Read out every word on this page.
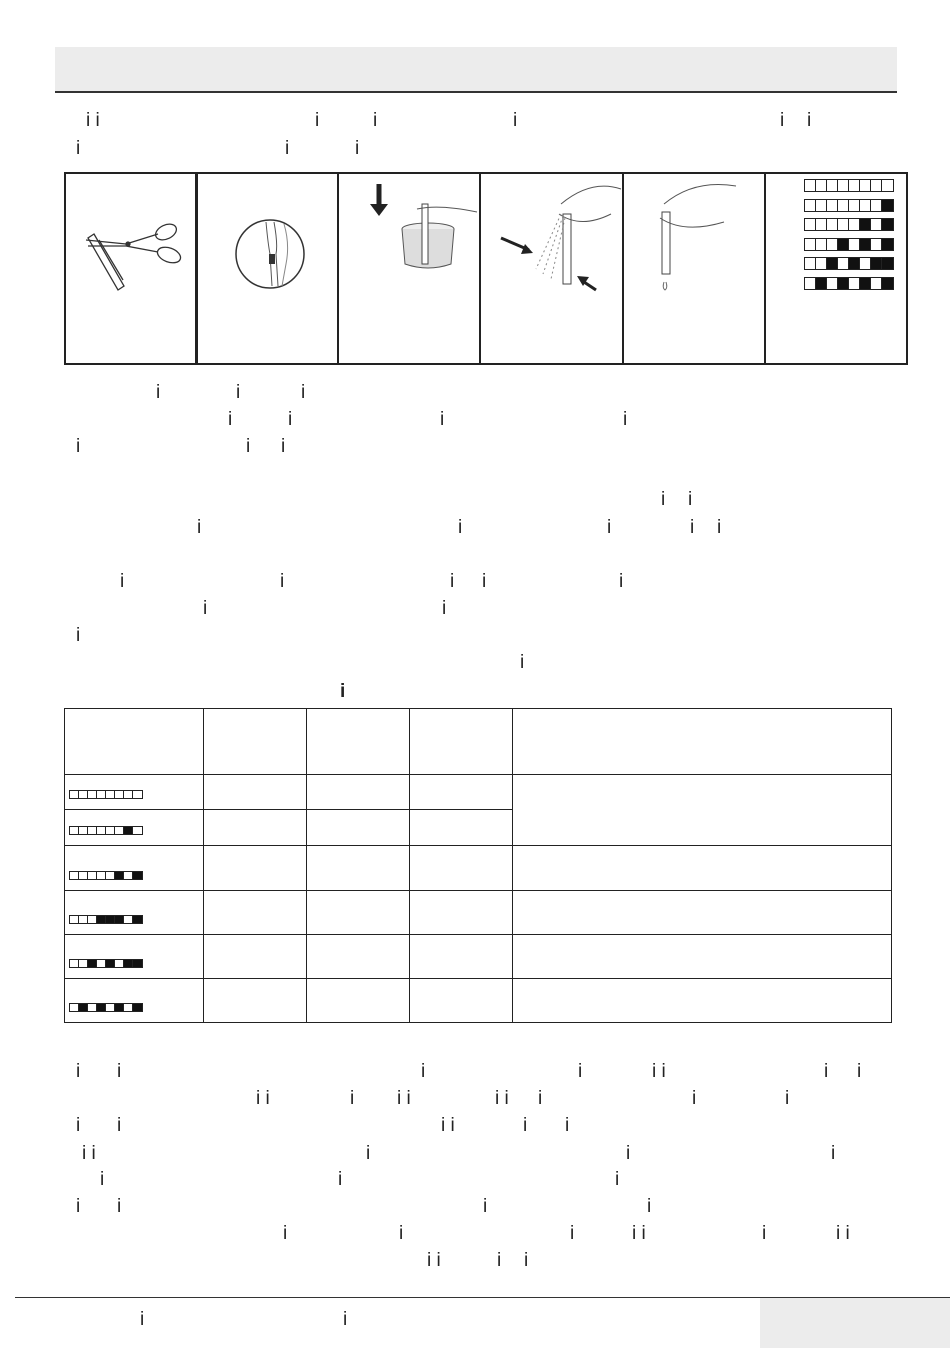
i i	i	i	i	i i
i	i	i
i	i	i
i	i	i	i
i	i i
i i
i	i	i	i i
i	i	i i	i
i	i
i
i
i

i i	i	i	i i	i i
i i	i i i	i i i	i	i
i i	i i	i i
i i	i	i	i
i	i	i
i i	i	i
i	i	i	i i	i	i i
i i	i i
i	i
